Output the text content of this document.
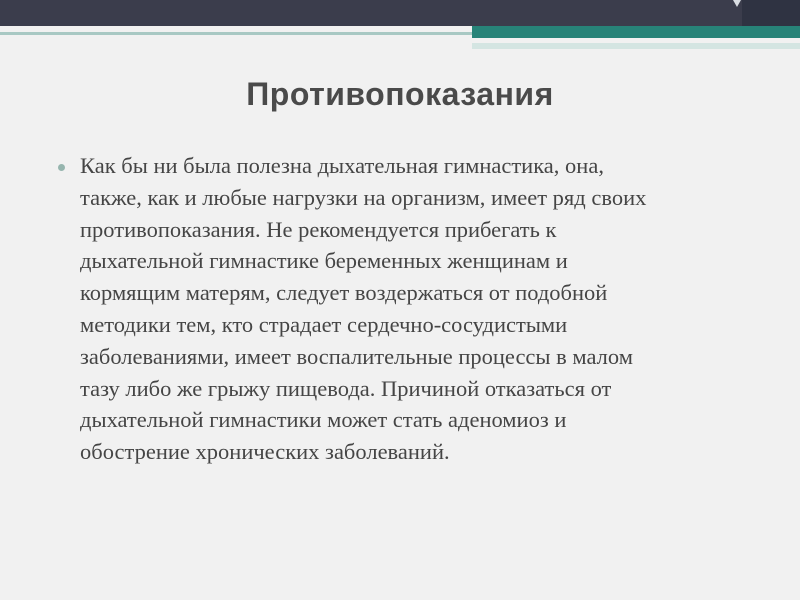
Противопоказания
Как бы ни была полезна дыхательная гимнастика, она,
также, как и любые нагрузки на организм, имеет ряд своих
противопоказания. Не рекомендуется прибегать к
дыхательной гимнастике беременных женщинам и
кормящим матерям, следует воздержаться от подобной
методики тем, кто страдает сердечно-сосудистыми
заболеваниями, имеет воспалительные процессы в малом
тазу либо же грыжу пищевода. Причиной отказаться от
дыхательной гимнастики может стать аденомиоз и
обострение хронических заболеваний.
